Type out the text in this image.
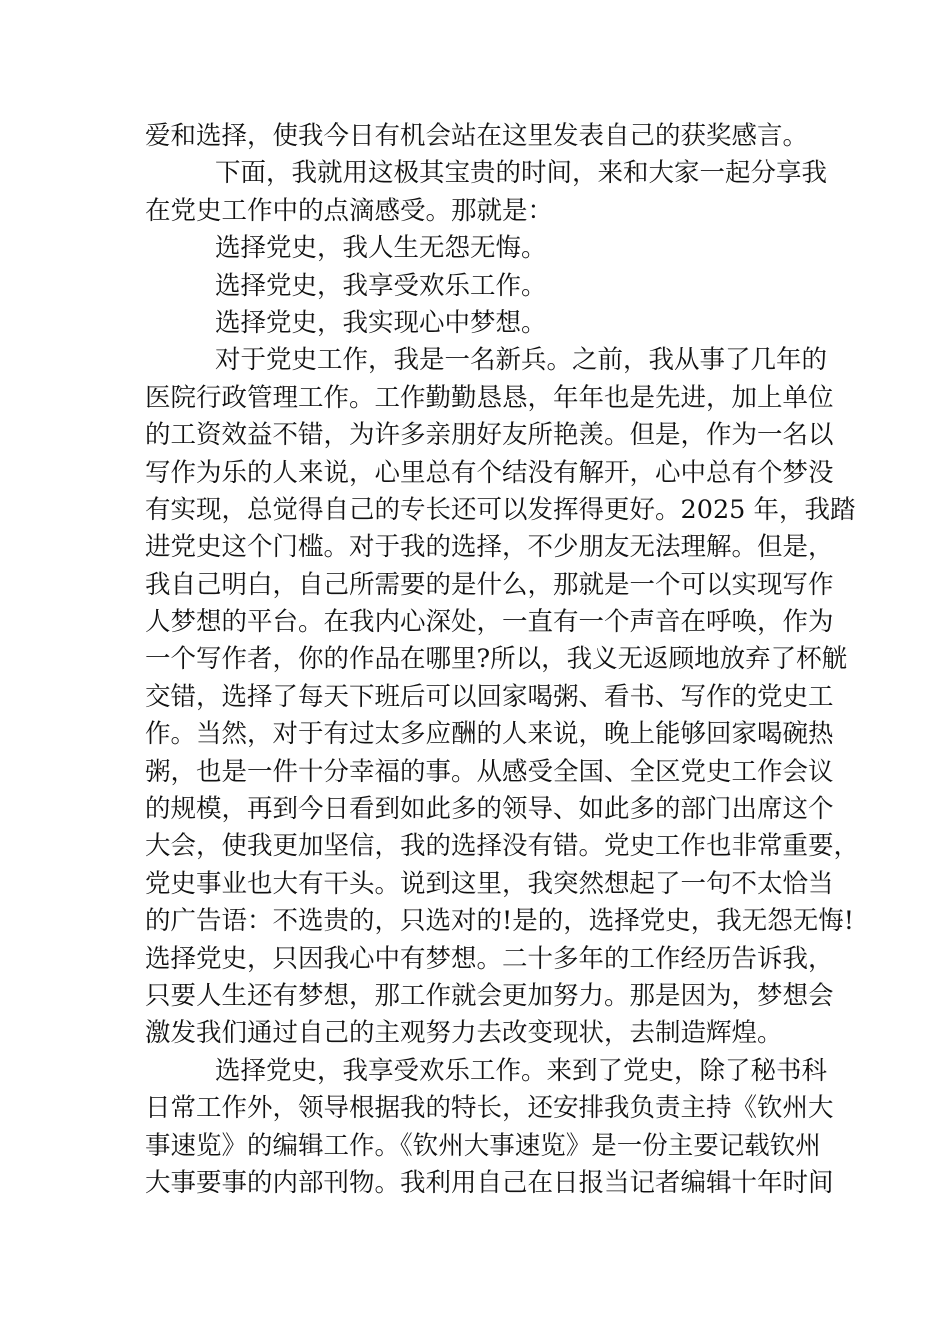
爱和选择，使我今日有机会站在这里发表自己的获奖感言。
下面，我就用这极其宝贵的时间，来和大家一起分享我
在党史工作中的点滴感受。那就是：
选择党史，我人生无怨无悔。
选择党史，我享受欢乐工作。
选择党史，我实现心中梦想。
对于党史工作，我是一名新兵。之前，我从事了几年的
医院行政管理工作。工作勤勤恳恳，年年也是先进，加上单位
的工资效益不错，为许多亲朋好友所艳羡。但是，作为一名以
写作为乐的人来说，心里总有个结没有解开，心中总有个梦没
有实现，总觉得自己的专长还可以发挥得更好。2025 年，我踏
进党史这个门槛。对于我的选择，不少朋友无法理解。但是，
我自己明白，自己所需要的是什么，那就是一个可以实现写作
人梦想的平台。在我内心深处，一直有一个声音在呼唤，作为
一个写作者，你的作品在哪里?所以，我义无返顾地放弃了杯觥
交错，选择了每天下班后可以回家喝粥、看书、写作的党史工
作。当然，对于有过太多应酬的人来说，晚上能够回家喝碗热
粥，也是一件十分幸福的事。从感受全国、全区党史工作会议
的规模，再到今日看到如此多的领导、如此多的部门出席这个
大会，使我更加坚信，我的选择没有错。党史工作也非常重要，
党史事业也大有干头。说到这里，我突然想起了一句不太恰当
的广告语：不选贵的，只选对的!是的，选择党史，我无怨无悔!
选择党史，只因我心中有梦想。二十多年的工作经历告诉我，
只要人生还有梦想，那工作就会更加努力。那是因为，梦想会
激发我们通过自己的主观努力去改变现状，去制造辉煌。
选择党史，我享受欢乐工作。来到了党史，除了秘书科
日常工作外，领导根据我的特长，还安排我负责主持《钦州大
事速览》的编辑工作。《钦州大事速览》是一份主要记载钦州
大事要事的内部刊物。我利用自己在日报当记者编辑十年时间
